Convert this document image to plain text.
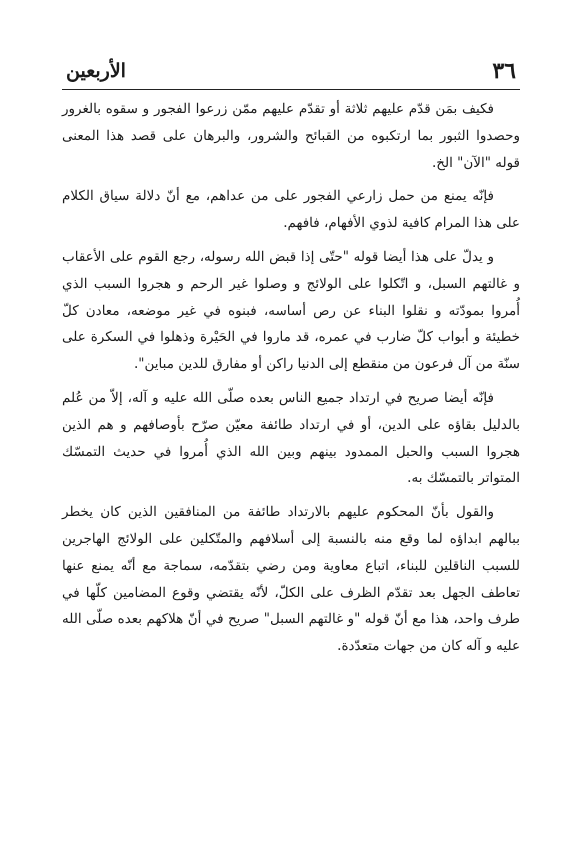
٣٦
الأربعين

فكيف بمَن قدّم عليهم ثلاثة أو تقدّم عليهم ممّن زرعوا الفجور و سقوه بالغرور وحصدوا الثبور بما ارتكبوه من القبائح والشرور، والبرهان على قصد هذا المعنى قوله "الآن" الخ.

فإنّه يمنع من حمل زارعي الفجور على من عداهم، مع أنّ دلالة سياق الكلام على هذا المرام كافية لذوي الأفهام، فافهم.

و يدلّ على هذا أيضا قوله "حتّى إذا قبض الله رسوله، رجع القوم على الأعقاب و غالتهم السبل، و اتّكلوا على الولائج و وصلوا غير الرحم و هجروا السبب الذي أُمروا بمودّته و نقلوا البناء عن رص أساسه، فبنوه في غير موضعه، معادن كلّ خطيئة و أبواب كلّ ضارب في عمره، قد ماروا في الحَيْرة وذهلوا في السكرة على سنّة من آل فرعون من منقطع إلى الدنيا راكن أو مفارق للدين مباين".

فإنّه أيضا صريح في ارتداد جميع الناس بعده صلّى الله عليه و آله، إلاّ من عُلم بالدليل بقاؤه على الدين، أو في ارتداد طائفة معيّن صرّح بأوصافهم و هم الذين هجروا السبب والحبل الممدود بينهم وبين الله الذي أُمروا في حديث التمسّك المتواتر بالتمسّك به.

والقول بأنّ المحكوم عليهم بالارتداد طائفة من المنافقين الذين كان يخطر ببالهم ابداؤه لما وقع منه بالنسبة إلى أسلافهم والمتّكلين على الولائج الهاجرين للسبب الناقلين للبناء، اتباع معاوية ومن رضي بتقدّمه، سماجة مع أنّه يمنع عنها تعاطف الجهل بعد تقدّم الظرف على الكلّ، لأنّه يقتضي وقوع المضامين كلّها في طرف واحد، هذا مع أنّ قوله "و غالتهم السبل" صريح في أنّ هلاكهم بعده صلّى الله عليه و آله كان من جهات متعدّدة.
